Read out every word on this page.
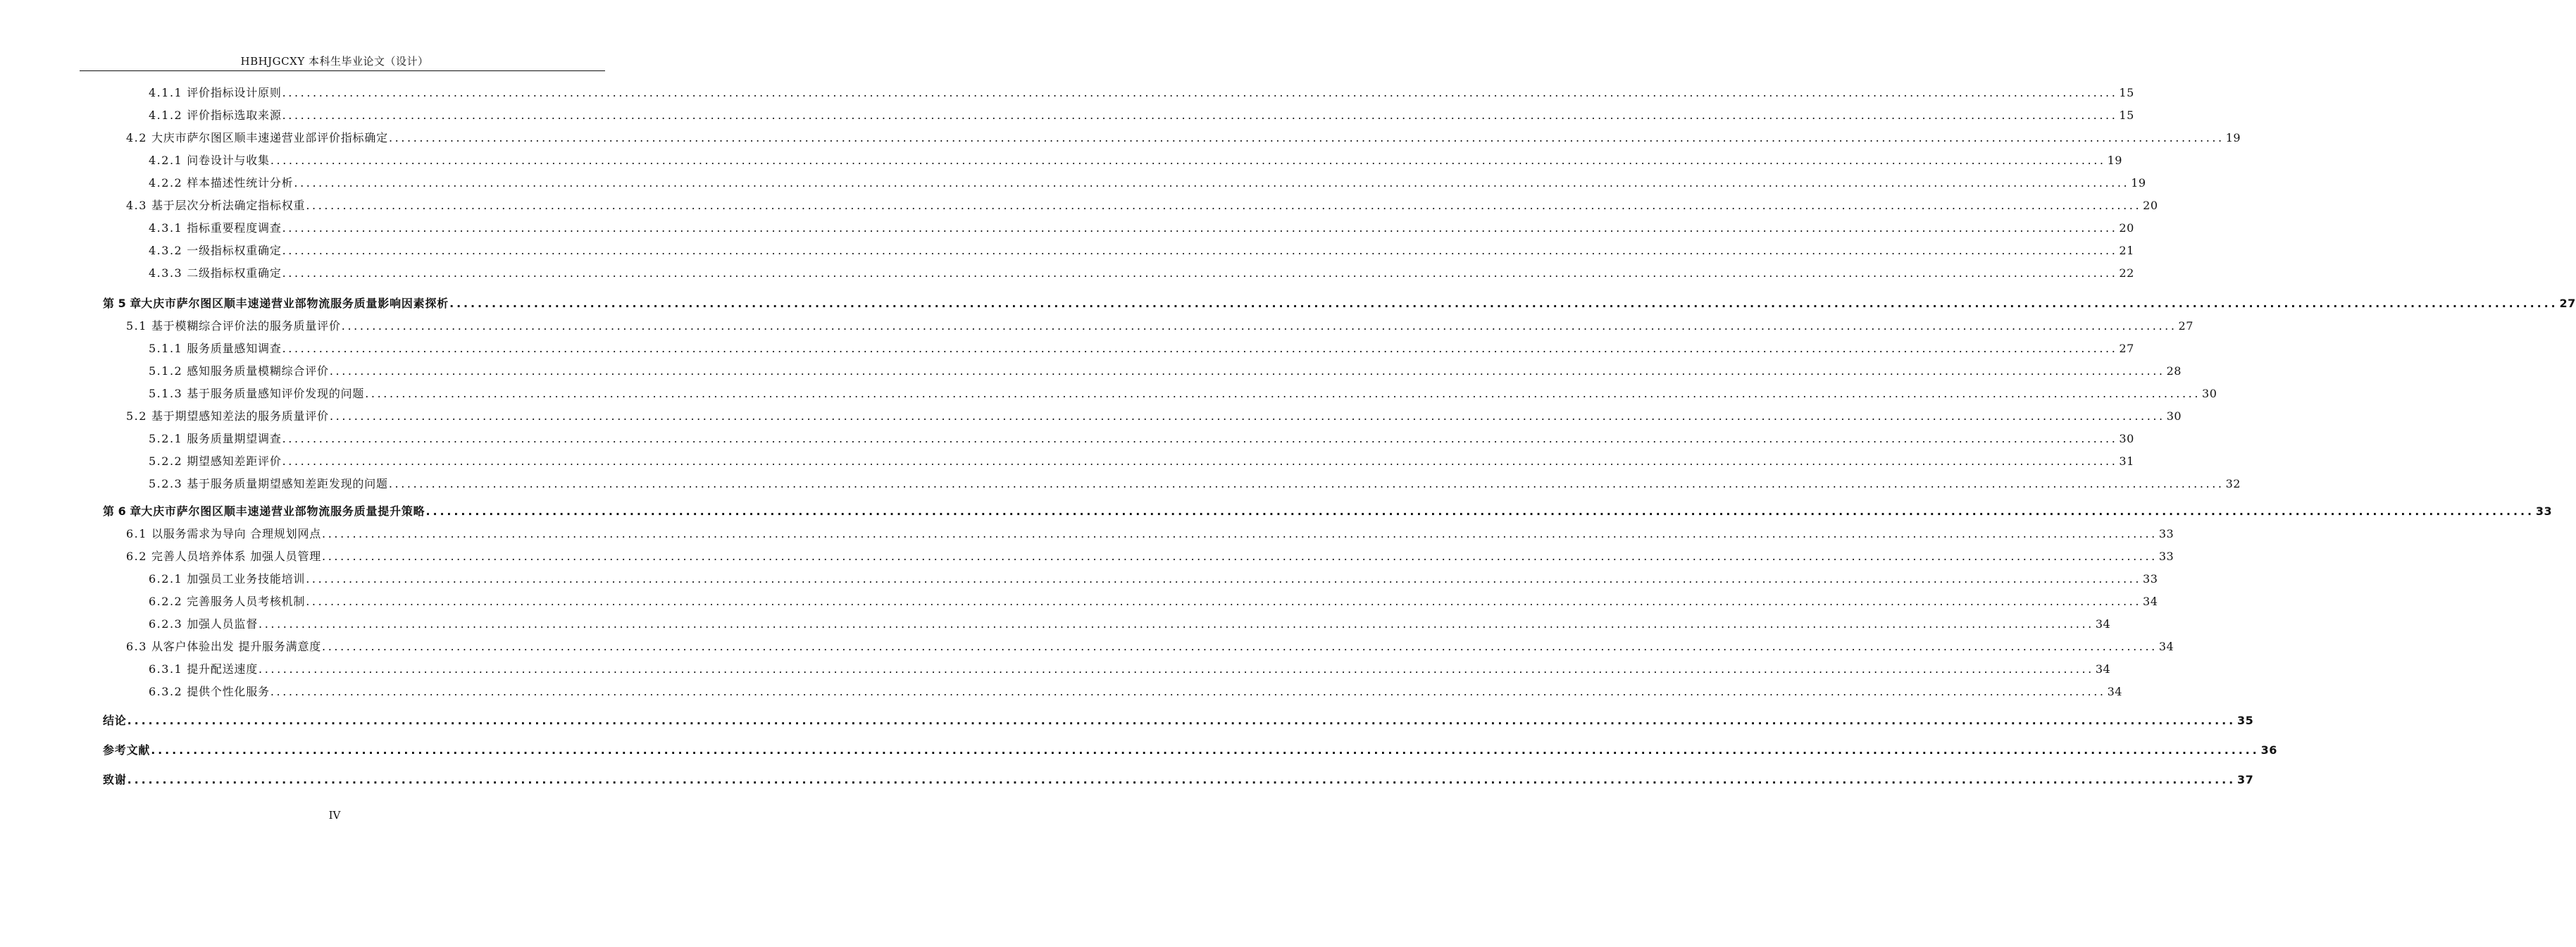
HBHJGCXY 本科生毕业论文（设计）
4.1.1 评价指标设计原则 ............................................................................................................................................................................................................................................................................................................ 15
4.1.2 评价指标选取来源 ............................................................................................................................................................................................................................................................................................................ 15
4.2 大庆市萨尔图区顺丰速递营业部评价指标确定 ............................................................................................................................................................................................................................................................................................................ 19
4.2.1 问卷设计与收集 ............................................................................................................................................................................................................................................................................................................ 19
4.2.2 样本描述性统计分析 ............................................................................................................................................................................................................................................................................................................ 19
4.3 基于层次分析法确定指标权重 ............................................................................................................................................................................................................................................................................................................ 20
4.3.1 指标重要程度调查 ............................................................................................................................................................................................................................................................................................................ 20
4.3.2 一级指标权重确定 ............................................................................................................................................................................................................................................................................................................ 21
4.3.3 二级指标权重确定 ............................................................................................................................................................................................................................................................................................................ 22
第 5 章 大庆市萨尔图区顺丰速递营业部物流服务质量影响因素探析 ............................................................................................................................................................................................................................................................................................................ 27
5.1 基于模糊综合评价法的服务质量评价 ............................................................................................................................................................................................................................................................................................................ 27
5.1.1 服务质量感知调查 ............................................................................................................................................................................................................................................................................................................ 27
5.1.2 感知服务质量模糊综合评价 ............................................................................................................................................................................................................................................................................................................ 28
5.1.3 基于服务质量感知评价发现的问题 ............................................................................................................................................................................................................................................................................................................ 30
5.2 基于期望感知差法的服务质量评价 ............................................................................................................................................................................................................................................................................................................ 30
5.2.1 服务质量期望调查 ............................................................................................................................................................................................................................................................................................................ 30
5.2.2 期望感知差距评价 ............................................................................................................................................................................................................................................................................................................ 31
5.2.3 基于服务质量期望感知差距发现的问题 ............................................................................................................................................................................................................................................................................................................ 32
第 6 章 大庆市萨尔图区顺丰速递营业部物流服务质量提升策略 ............................................................................................................................................................................................................................................................................................................ 33
6.1 以服务需求为导向 合理规划网点 ............................................................................................................................................................................................................................................................................................................ 33
6.2 完善人员培养体系 加强人员管理 ............................................................................................................................................................................................................................................................................................................ 33
6.2.1 加强员工业务技能培训 ............................................................................................................................................................................................................................................................................................................ 33
6.2.2 完善服务人员考核机制 ............................................................................................................................................................................................................................................................................................................ 34
6.2.3 加强人员监督 ............................................................................................................................................................................................................................................................................................................ 34
6.3 从客户体验出发 提升服务满意度 ............................................................................................................................................................................................................................................................................................................ 34
6.3.1 提升配送速度 ............................................................................................................................................................................................................................................................................................................ 34
6.3.2 提供个性化服务 ............................................................................................................................................................................................................................................................................................................ 34
结论 ............................................................................................................................................................................................................................................................................................................ 35
参考文献 ............................................................................................................................................................................................................................................................................................................ 36
致谢 ............................................................................................................................................................................................................................................................................................................ 37
IV
